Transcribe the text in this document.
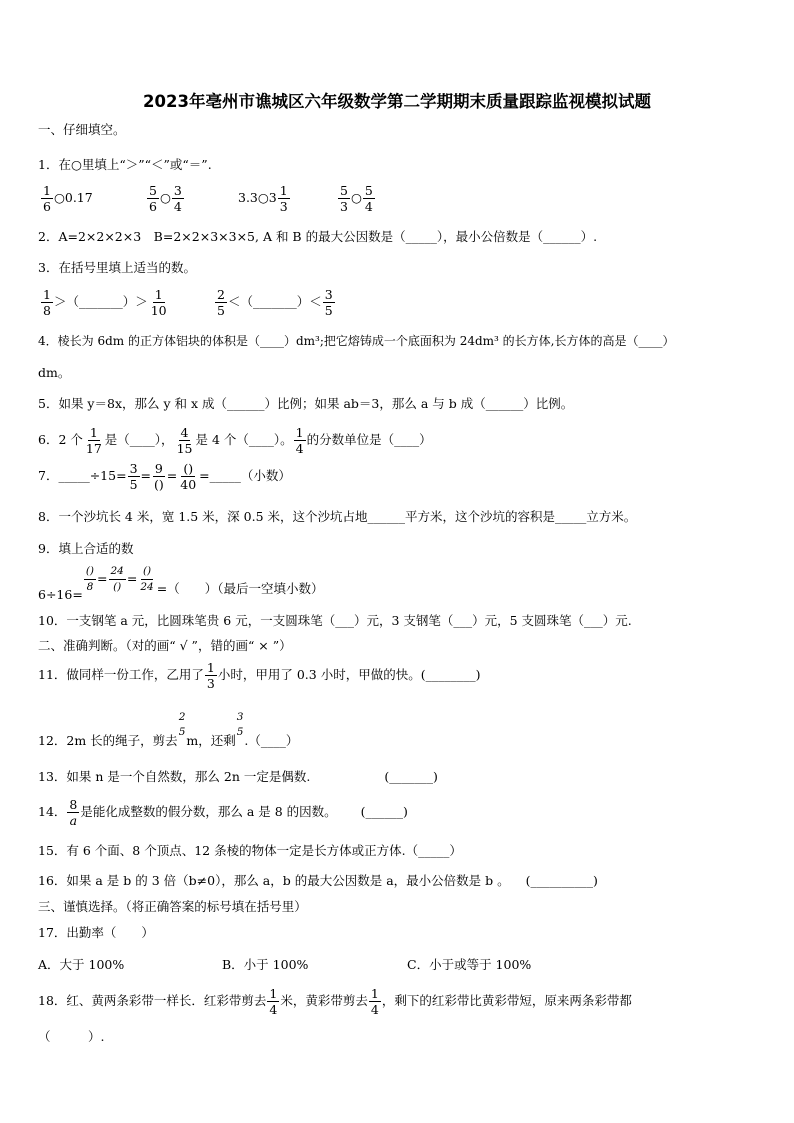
2023年亳州市谯城区六年级数学第二学期期末质量跟踪监视模拟试题
一、仔细填空。
1．在○里填上“＞”“＜”或“＝”.
$\frac{1}{6}$ ○0.17	$\frac{5}{6}$ ○ $\frac{3}{4}$	3.3○3 $\frac{1}{3}$	$\frac{5}{3}$ ○ $\frac{5}{4}$
2．A=2×2×2×3　B=2×2×3×3×5, A 和 B 的最大公因数是（_____），最小公倍数是（______）.
3．在括号里填上适当的数。
$\frac{1}{8}$ ＞（_______）＞ $\frac{1}{10}$	$\frac{2}{5}$ ＜（_______）＜ $\frac{3}{5}$
4．棱长为 6dm 的正方体铝块的体积是（____）dm³;把它熔铸成一个底面积为 24dm³ 的长方体,长方体的高是（____）
dm。
5．如果 y＝8x，那么 y 和 x 成（______）比例；如果 ab＝3，那么 a 与 b 成（______）比例。
6．2 个 $\frac{1}{17}$ 是（____）， $\frac{4}{15}$ 是 4 个（____）。 $\frac{1}{4}$ 的分数单位是（____）
7．_____÷15= $\frac{3}{5} = 9$
()
= ()
40
=_____（小数）
8．一个沙坑长 4 米，宽 1.5 米，深 0.5 米，这个沙坑占地______平方米，这个沙坑的容积是_____立方米。
9．填上合适的数
6÷16=
()
8
= 24
()
= ()
24 =（　　）（最后一空填小数）
10．一支钢笔 a 元，比圆珠笔贵 6 元，一支圆珠笔（___）元，3 支钢笔（___）元，5 支圆珠笔（___）元.
二、准确判断。（对的画“ √ ”，错的画“ × ”）
11．做同样一份工作，乙用了 $\frac{1}{3}$ 小时，甲用了 0.3 小时，甲做的快。(________)
12．2m 长的绳子，剪去
2
5
m，还剩
3
5
.（____）
13．如果 n 是一个自然数，那么 2n 一定是偶数.	(_______)
14． $\frac{8}{a}$ 是能化成整数的假分数，那么 a 是 8 的因数。 (______)
15．有 6 个面、8 个顶点、12 条棱的物体一定是长方体或正方体.（_____）
16．如果 a 是 b 的 3 倍（b≠0），那么 a，b 的最大公因数是 a，最小公倍数是 b 。 (__________)
三、谨慎选择。（将正确答案的标号填在括号里）
17．出勤率（　　）
A．大于 100%	B．小于 100%	C．小于或等于 100%
18．红、黄两条彩带一样长．红彩带剪去 $\frac{1}{4}$ 米，黄彩带剪去 $\frac{1}{4}$ ，剩下的红彩带比黄彩带短，原来两条彩带都
（　　　）.
